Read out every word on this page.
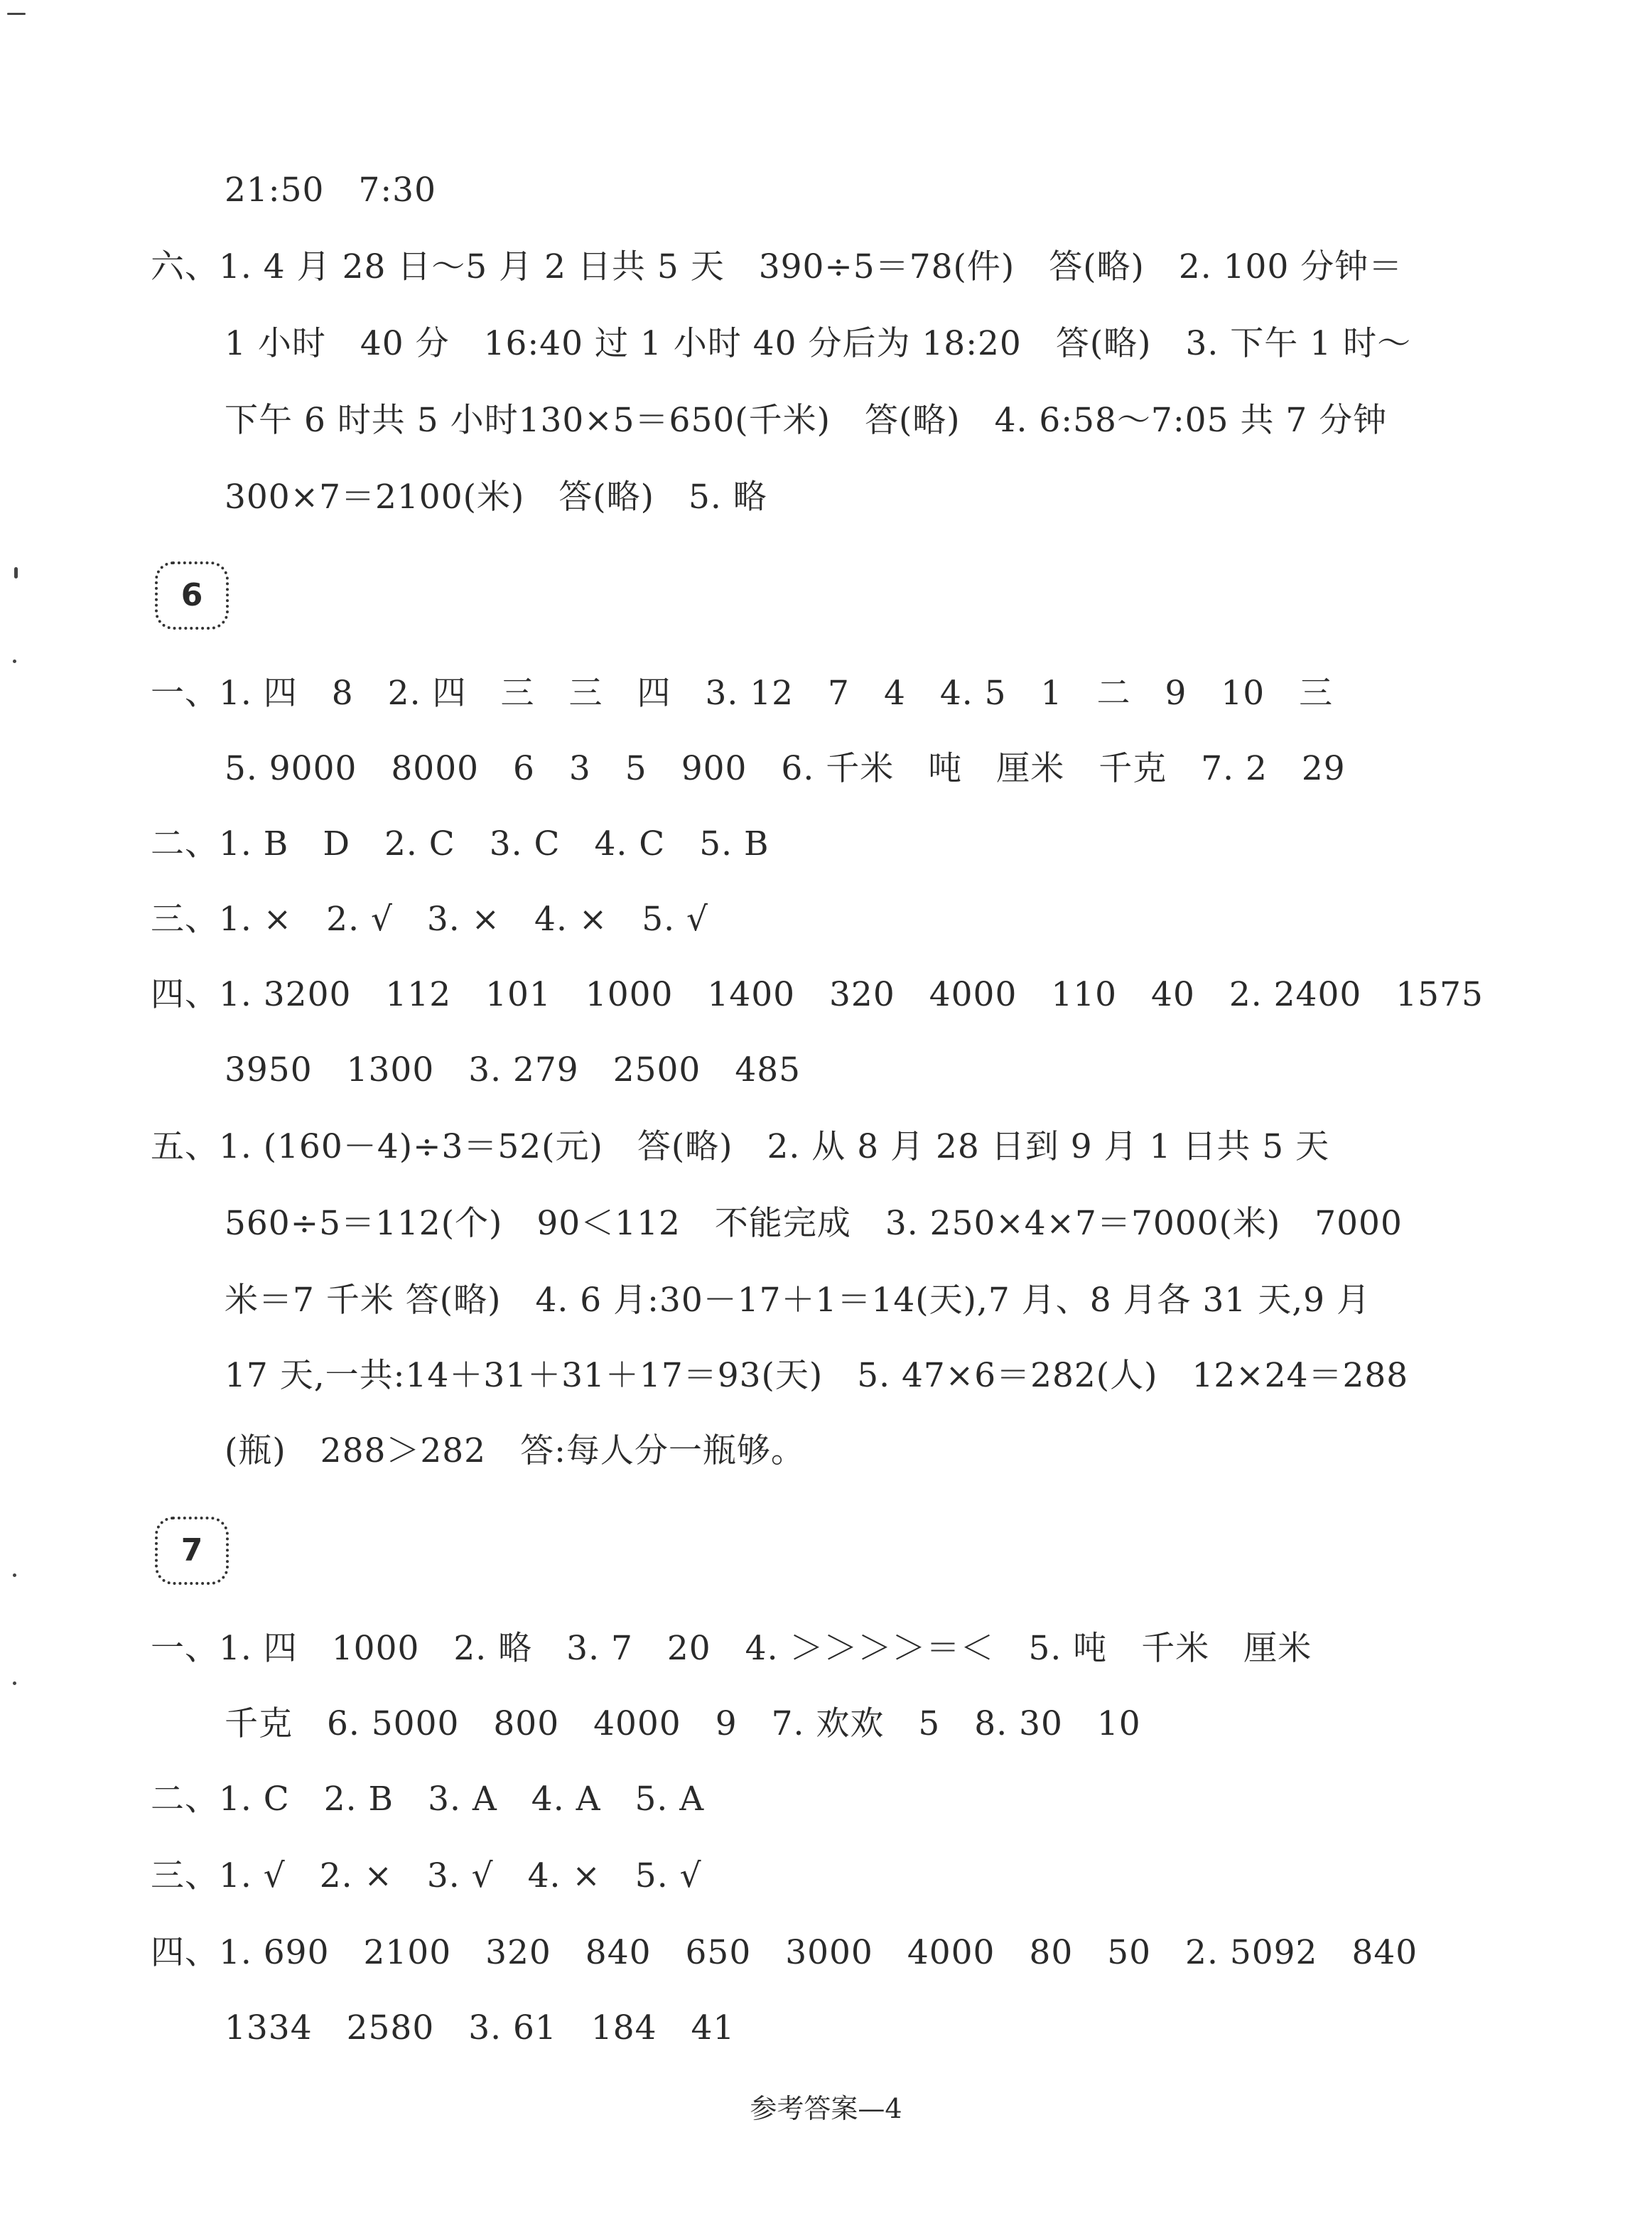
21:50　7:30
六、1. 4 月 28 日～5 月 2 日共 5 天　390÷5＝78(件)　答(略)　2. 100 分钟＝
1 小时　40 分　16:40 过 1 小时 40 分后为 18:20　答(略)　3. 下午 1 时～
下午 6 时共 5 小时130×5＝650(千米)　答(略)　4. 6:58～7:05 共 7 分钟
300×7＝2100(米)　答(略)　5. 略
6
一、1. 四　8　2. 四　三　三　四　3. 12　7　4　4. 5　1　二　9　10　三
5. 9000　8000　6　3　5　900　6. 千米　吨　厘米　千克　7. 2　29
二、1. B　D　2. C　3. C　4. C　5. B
三、1. ×　2. √　3. ×　4. ×　5. √
四、1. 3200　112　101　1000　1400　320　4000　110　40　2. 2400　1575
3950　1300　3. 279　2500　485
五、1. (160－4)÷3＝52(元)　答(略)　2. 从 8 月 28 日到 9 月 1 日共 5 天
560÷5＝112(个)　90＜112　不能完成　3. 250×4×7＝7000(米)　7000
米＝7 千米 答(略)　4. 6 月:30－17＋1＝14(天),7 月、8 月各 31 天,9 月
17 天,一共:14＋31＋31＋17＝93(天)　5. 47×6＝282(人)　12×24＝288
(瓶)　288＞282　答:每人分一瓶够。
7
一、1. 四　1000　2. 略　3. 7　20　4. ＞＞＞＞＝＜　5. 吨　千米　厘米
千克　6. 5000　800　4000　9　7. 欢欢　5　8. 30　10
二、1. C　2. B　3. A　4. A　5. A
三、1. √　2. ×　3. √　4. ×　5. √
四、1. 690　2100　320　840　650　3000　4000　80　50　2. 5092　840
1334　2580　3. 61　184　41
参考答案—4
